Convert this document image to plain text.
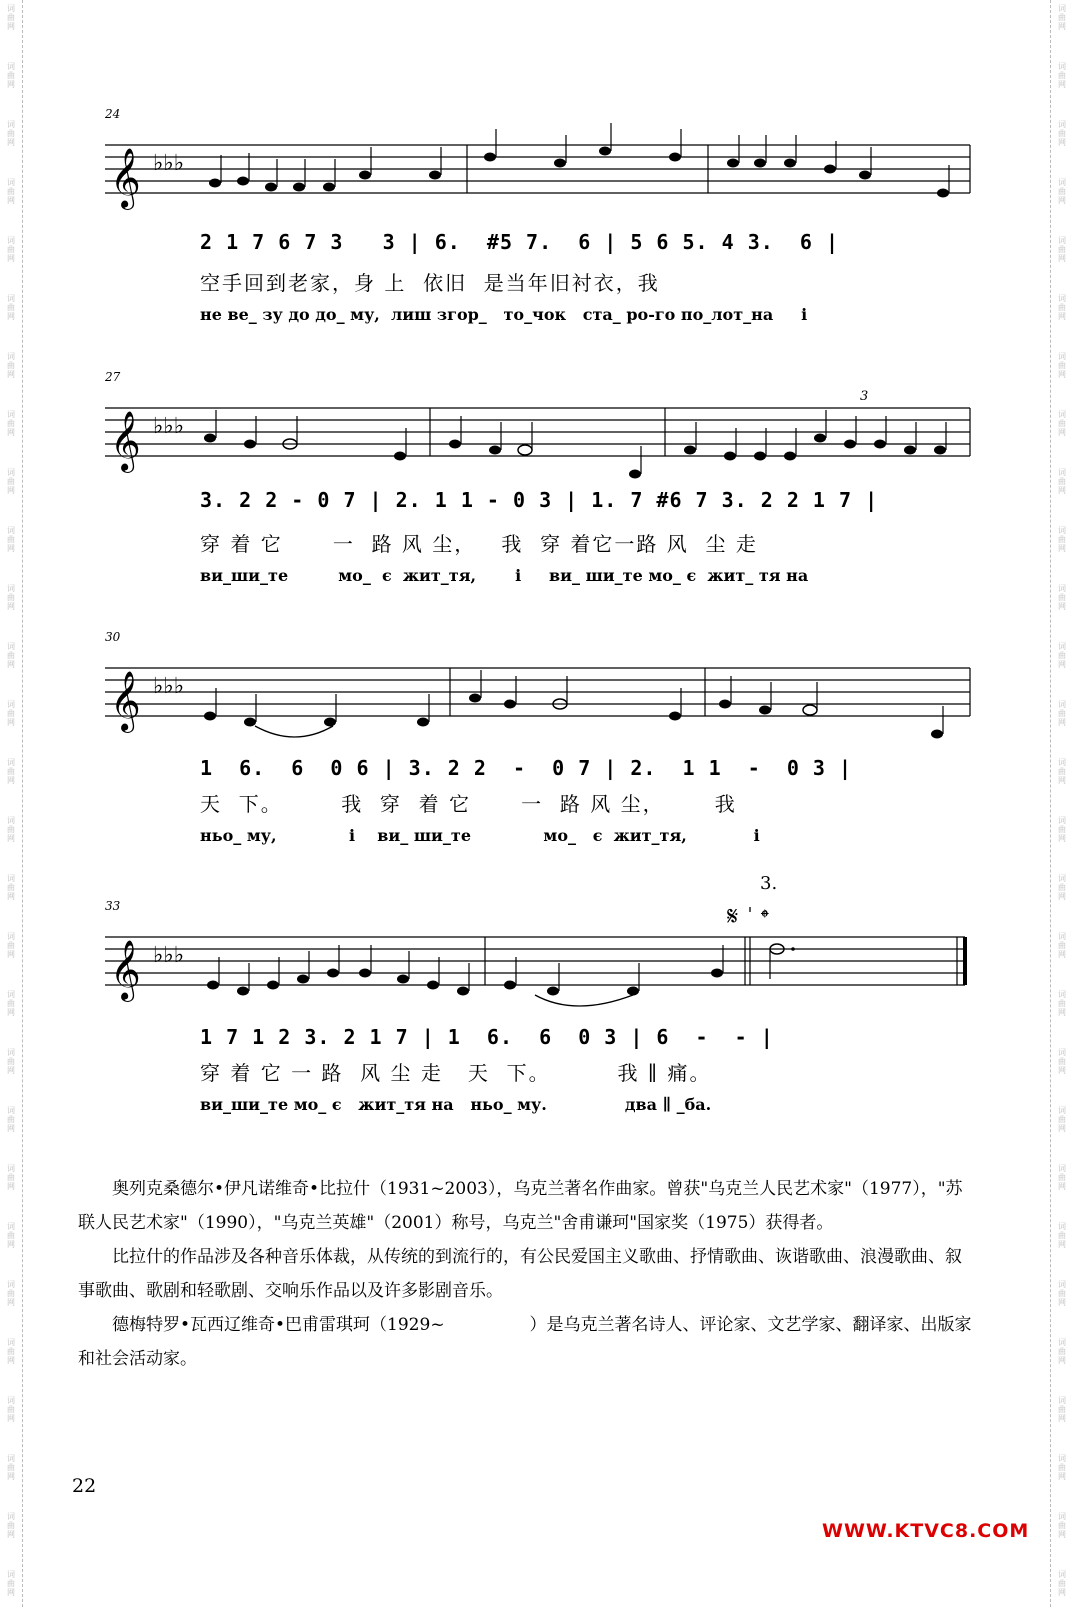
词
曲
网
词
曲
网
词
曲
网
词
曲
网
词
曲
网
词
曲
网
词
曲
网
词
曲
网
词
曲
网
词
曲
网
词
曲
网
词
曲
网
词
曲
网
词
曲
网
词
曲
网
词
曲
网
词
曲
网
词
曲
网
词
曲
网
词
曲
网
词
曲
网
词
曲
网
词
曲
网
词
曲
网
词
曲
网
词
曲
网
词
曲
网
词
曲
网
词
曲
网
词
曲
网
词
曲
网
词
曲
网
词
曲
网
词
曲
网
词
曲
网
词
曲
网
词
曲
网
词
曲
网
词
曲
网
词
曲
网
词
曲
网
词
曲
网
词
曲
网
词
曲
网
词
曲
网
词
曲
网
词
曲
网
词
曲
网
词
曲
网
词
曲
网
词
曲
网
词
曲
网
词
曲
网
词
曲
网
词
曲
网
词
曲
网
24
𝄞 ♭♭♭
2 1 7 6 7 3   3 | 6.  #5 7.  6 | 5 6 5. 4 3.  6 |
空手回到老家，身 上  依旧  是当年旧衬衣，我
не ве_ зу до до_ му,  лиш згор_   то_чок   ста_ ро-го по_лот_на     і
27
𝄞 ♭♭♭
3
3. 2 2 - 0 7 | 2. 1 1 - 0 3 | 1. 7 #6 7 3. 2 2 1 7 |
穿 着 它      一  路 风 尘，   我  穿 着它一路 风  尘 走
ви_ши_те         мо_  є  жит_тя,       і     ви_ ши_те мо_ є  жит_ тя на
30
𝄞 ♭♭♭
1  6.  6  0 6 | 3. 2 2  -  0 7 | 2.  1 1  -  0 3 |
天  下。       我  穿  着 它      一  路 风 尘，      我
ньо_ му,             і    ви_ ши_те             мо_   є  жит_тя,            і
33
𝄞 ♭♭♭
𝄋 𝄌
3.
1 7 1 2 3. 2 1 7 | 1  6.  6  0 3 | 6  -  - |
穿 着 它 一 路  风 尘 走   天  下。        我 ∥ 痛。
ви_ши_те мо_ є   жит_тя на   ньо_ му.              два ∥ _ба.

奥列克桑德尔•伊凡诺维奇•比拉什（1931~2003），乌克兰著名作曲家。曾获"乌克兰人民艺术家"（1977），"苏联人民艺术家"（1990），"乌克兰英雄"（2001）称号，乌克兰"舍甫谦珂"国家奖（1975）获得者。

比拉什的作品涉及各种音乐体裁，从传统的到流行的，有公民爱国主义歌曲、抒情歌曲、诙谐歌曲、浪漫歌曲、叙事歌曲、歌剧和轻歌剧、交响乐作品以及许多影剧音乐。

德梅特罗•瓦西辽维奇•巴甫雷琪珂（1929~　　　　　）是乌克兰著名诗人、评论家、文艺学家、翻译家、出版家和社会活动家。

22
WWW.KTVC8.COM
